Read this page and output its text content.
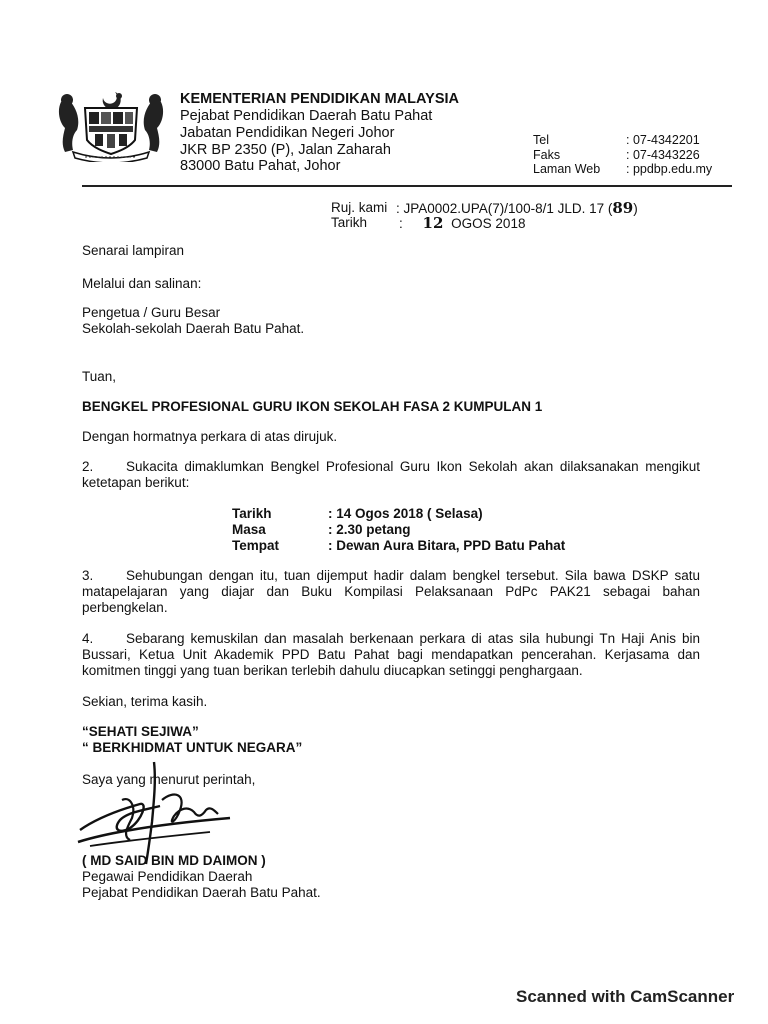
KEMENTERIAN PENDIDIKAN MALAYSIA
Pejabat Pendidikan Daerah Batu Pahat
Jabatan Pendidikan Negeri Johor
JKR BP 2350 (P), Jalan Zaharah
83000 Batu Pahat, Johor
Tel	: 07-4342201
Faks	: 07-4343226
Laman Web : ppdbp.edu.my
Ruj. kami : JPA0002.UPA(7)/100-8/1 JLD. 17 (89)
Tarikh : 12 OGOS 2018
Senarai lampiran
Melalui dan salinan:
Pengetua / Guru Besar
Sekolah-sekolah Daerah Batu Pahat.
Tuan,
BENGKEL PROFESIONAL GURU IKON SEKOLAH FASA 2 KUMPULAN 1
Dengan hormatnya perkara di atas dirujuk.
2. Sukacita dimaklumkan Bengkel Profesional Guru Ikon Sekolah akan dilaksanakan mengikut ketetapan berikut:
Tarikh	: 14 Ogos 2018 ( Selasa)
Masa	: 2.30 petang
Tempat	: Dewan Aura Bitara, PPD Batu Pahat
3. Sehubungan dengan itu, tuan dijemput hadir dalam bengkel tersebut. Sila bawa DSKP satu matapelajaran yang diajar dan Buku Kompilasi Pelaksanaan PdPc PAK21 sebagai bahan perbengkelan.
4. Sebarang kemuskilan dan masalah berkenaan perkara di atas sila hubungi Tn Haji Anis bin Bussari, Ketua Unit Akademik PPD Batu Pahat bagi mendapatkan pencerahan. Kerjasama dan komitmen tinggi yang tuan berikan terlebih dahulu diucapkan setinggi penghargaan.
Sekian, terima kasih.
“SEHATI SEJIWA”
“ BERKHIDMAT UNTUK NEGARA”
Saya yang menurut perintah,
( MD SAID BIN MD DAIMON )
Pegawai Pendidikan Daerah
Pejabat Pendidikan Daerah Batu Pahat.
Scanned with CamScanner
